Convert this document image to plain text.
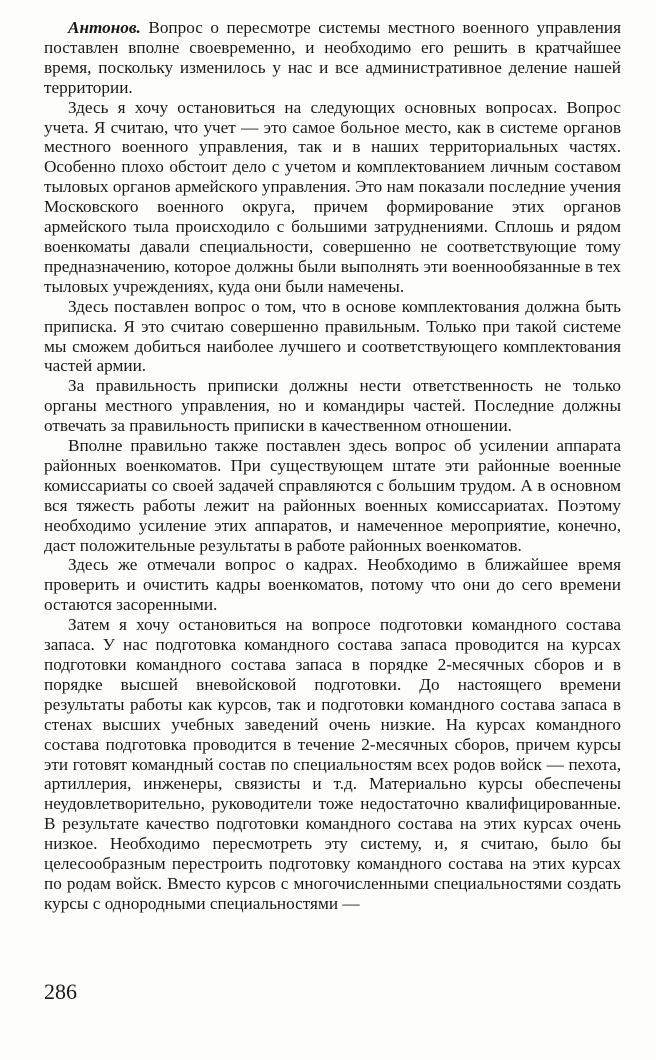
Антонов. Вопрос о пересмотре системы местного военного управления поставлен вполне своевременно, и необходимо его решить в кратчайшее время, поскольку изменилось у нас и все административное деление нашей территории.

Здесь я хочу остановиться на следующих основных вопросах. Вопрос учета. Я считаю, что учет — это самое больное место, как в системе органов местного военного управления, так и в наших территориальных частях. Особенно плохо обстоит дело с учетом и комплектованием личным составом тыловых органов армейского управления. Это нам показали последние учения Московского военного округа, причем формирование этих органов армейского тыла происходило с большими затруднениями. Сплошь и рядом военкоматы давали специальности, совершенно не соответствующие тому предназначению, которое должны были выполнять эти военнообязанные в тех тыловых учреждениях, куда они были намечены.

Здесь поставлен вопрос о том, что в основе комплектования должна быть приписка. Я это считаю совершенно правильным. Только при такой системе мы сможем добиться наиболее лучшего и соответствующего комплектования частей армии.

За правильность приписки должны нести ответственность не только органы местного управления, но и командиры частей. Последние должны отвечать за правильность приписки в качественном отношении.

Вполне правильно также поставлен здесь вопрос об усилении аппарата районных военкоматов. При существующем штате эти районные военные комиссариаты со своей задачей справляются с большим трудом. А в основном вся тяжесть работы лежит на районных военных комиссариатах. Поэтому необходимо усиление этих аппаратов, и намеченное мероприятие, конечно, даст положительные результаты в работе районных военкоматов.

Здесь же отмечали вопрос о кадрах. Необходимо в ближайшее время проверить и очистить кадры военкоматов, потому что они до сего времени остаются засоренными.

Затем я хочу остановиться на вопросе подготовки командного состава запаса. У нас подготовка командного состава запаса проводится на курсах подготовки командного состава запаса в порядке 2-месячных сборов и в порядке высшей вневойсковой подготовки. До настоящего времени результаты работы как курсов, так и подготовки командного состава запаса в стенах высших учебных заведений очень низкие. На курсах командного состава подготовка проводится в течение 2-месячных сборов, причем курсы эти готовят командный состав по специальностям всех родов войск — пехота, артиллерия, инженеры, связисты и т.д. Материально курсы обеспечены неудовлетворительно, руководители тоже недостаточно квалифицированные. В результате качество подготовки командного состава на этих курсах очень низкое. Необходимо пересмотреть эту систему, и, я считаю, было бы целесообразным перестроить подготовку командного состава на этих курсах по родам войск. Вместо курсов с многочисленными специальностями создать курсы с однородными специальностями —

286
